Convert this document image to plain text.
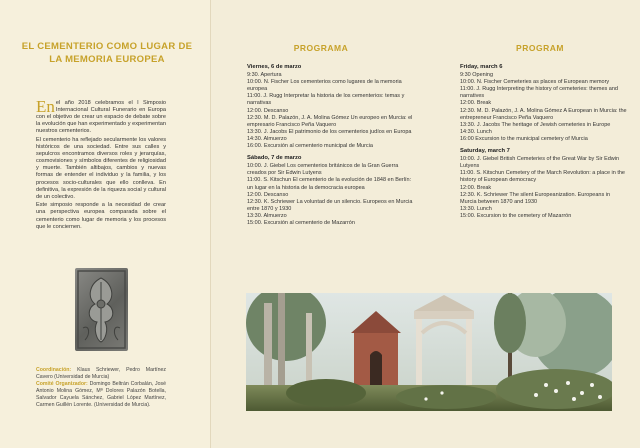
EL CEMENTERIO COMO LUGAR DE LA MEMORIA EUROPEA

En el año 2018 celebramos el I Simposio Internacional Cultural Funerario en Europa con el objetivo de crear un espacio de debate sobre la evolución que han experimentado y experimentan nuestros cementerios.

El cementerio ha reflejado secularmente los valores históricos de una sociedad. Entre sus calles y sepulcros encontramos diversos roles y jerarquías, cosmovisiones y símbolos diferentes de religiosidad y muerte. También altibajos, cambios y nuevas formas de entender el individuo y la familia, y los procesos socio-culturales que ello conlleva. En definitiva, la expresión de la riqueza social y cultural de un colectivo.

Este simposio responde a la necesidad de crear una perspectiva europea comparada sobre el cementerio como lugar de memoria y los procesos que le conciernen.

Coordinación: Klaus Schriewer, Pedro Martínez Cavero (Universidad de Murcia)
Comité Organizador: Domingo Beltrán Corbalán, José Antonio Molina Gómez, Mª Dolores Palazón Botella, Salvador Cayuela Sánchez, Gabriel López Martínez, Carmen Guillén Lorente. (Universidad de Murcia).
PROGRAMA
Viernes, 6 de marzo

9:30. Apertura

10:00. N. Fischer Los cementerios como lugares de la memoria europea

11:00. J. Rugg Interpretar la historia de los cementerios: temas y narrativas

12:00. Descanso

12:30. M. D. Palazón, J. A. Molina Gómez Un europeo en Murcia: el empresario Francisco Peña Vaquero

13:30. J. Jacobs El patrimonio de los cementerios judíos en Europa

14:30. Almuerzo

16:00. Excursión al cementerio municipal de Murcia

Sábado, 7 de marzo

10:00. J. Giebel Los cementerios británicos de la Gran Guerra creados por Sir Edwin Lutyens

11:00. S. Kitschun El cementerio de la evolución de 1848 en Berlín: un lugar en la historia de la democracia europea

12:00. Descanso

12:30. K. Schriewer La voluntad de un silencio. Europeos en Murcia entre 1870 y 1930

13:30. Almuerzo

15:00. Excursión al cementerio de Mazarrón

PROGRAM
Friday, march 6

9:30 Opening

10:00. N. Fischer Cemeteries as places of European memory

11:00. J. Rugg Interpreting the history of cemeteries: themes and narratives

12:00. Break

12:30. M. D. Palazón, J. A. Molina Gómez A European in Murcia: the entrepreneur Francisco Peña Vaquero

13:30. J. Jacobs The heritage of Jewish cemeteries in Europe

14:30. Lunch

16:00 Excursion to the municipal cemetery of Murcia

Saturday, march 7

10:00. J. Giebel British Cemeteries of the Great War by Sir Edwin Lutyens

11:00. S. Kitschun Cemetery of the March Revolution: a place in the history of European democracy

12:00. Break

12:30. K. Schriewer The silent Europeanization. Europeans in Murcia between 1870 and 1930

13:30. Lunch

15:00. Excursion to the cemetery of Mazarrón
